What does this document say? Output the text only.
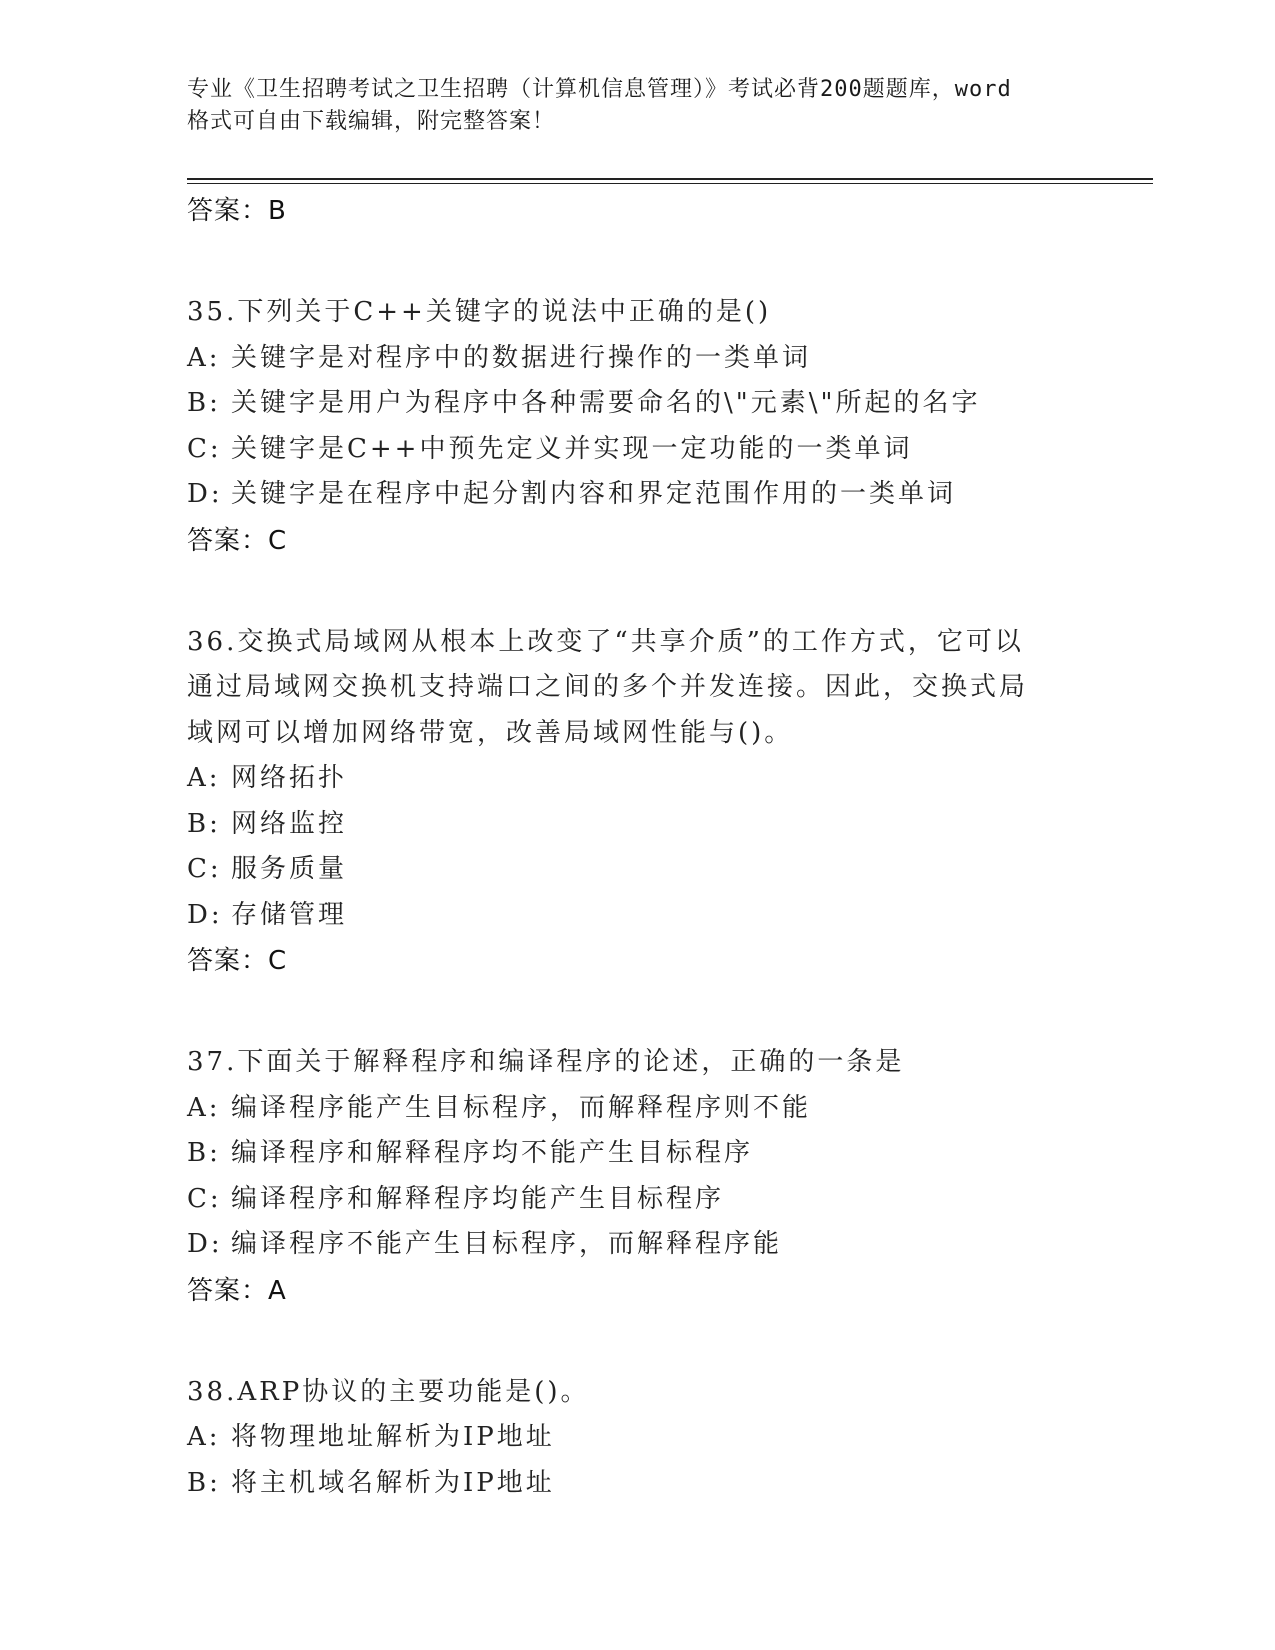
专业《卫生招聘考试之卫生招聘（计算机信息管理）》考试必背200题题库，word
格式可自由下载编辑，附完整答案！
答案：B
35.下列关于C++关键字的说法中正确的是()
A: 关键字是对程序中的数据进行操作的一类单词
B: 关键字是用户为程序中各种需要命名的\"元素\"所起的名字
C: 关键字是C++中预先定义并实现一定功能的一类单词
D: 关键字是在程序中起分割内容和界定范围作用的一类单词
答案：C
36.交换式局域网从根本上改变了“共享介质”的工作方式，它可以通过局域网交换机支持端口之间的多个并发连接。因此，交换式局域网可以增加网络带宽，改善局域网性能与()。
A: 网络拓扑
B: 网络监控
C: 服务质量
D: 存储管理
答案：C
37.下面关于解释程序和编译程序的论述，正确的一条是
A: 编译程序能产生目标程序，而解释程序则不能
B: 编译程序和解释程序均不能产生目标程序
C: 编译程序和解释程序均能产生目标程序
D: 编译程序不能产生目标程序，而解释程序能
答案：A
38.ARP协议的主要功能是()。
A: 将物理地址解析为IP地址
B: 将主机域名解析为IP地址
